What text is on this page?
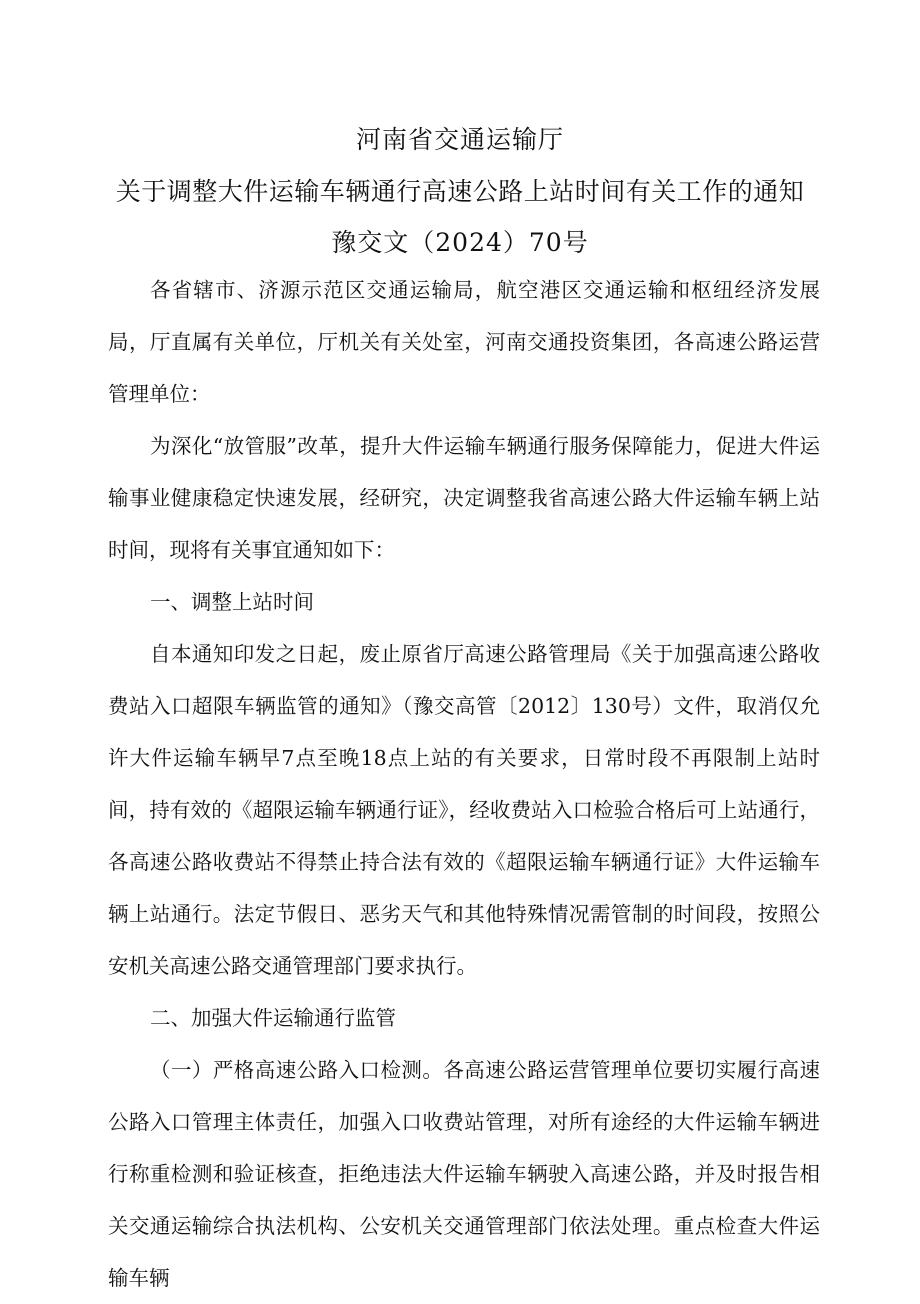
河南省交通运输厅
关于调整大件运输车辆通行高速公路上站时间有关工作的通知
豫交文（2024）70号

各省辖市、济源示范区交通运输局，航空港区交通运输和枢纽经济发展局，厅直属有关单位，厅机关有关处室，河南交通投资集团，各高速公路运营管理单位：

为深化“放管服”改革，提升大件运输车辆通行服务保障能力，促进大件运输事业健康稳定快速发展，经研究，决定调整我省高速公路大件运输车辆上站时间，现将有关事宜通知如下：

一、调整上站时间

自本通知印发之日起，废止原省厅高速公路管理局《关于加强高速公路收费站入口超限车辆监管的通知》（豫交高管〔2012〕130号）文件，取消仅允许大件运输车辆早7点至晚18点上站的有关要求，日常时段不再限制上站时间，持有效的《超限运输车辆通行证》，经收费站入口检验合格后可上站通行，各高速公路收费站不得禁止持合法有效的《超限运输车辆通行证》大件运输车辆上站通行。法定节假日、恶劣天气和其他特殊情况需管制的时间段，按照公安机关高速公路交通管理部门要求执行。

二、加强大件运输通行监管

（一）严格高速公路入口检测。各高速公路运营管理单位要切实履行高速公路入口管理主体责任，加强入口收费站管理，对所有途经的大件运输车辆进行称重检测和验证核查，拒绝违法大件运输车辆驶入高速公路，并及时报告相关交通运输综合执法机构、公安机关交通管理部门依法处理。重点检查大件运输车辆
